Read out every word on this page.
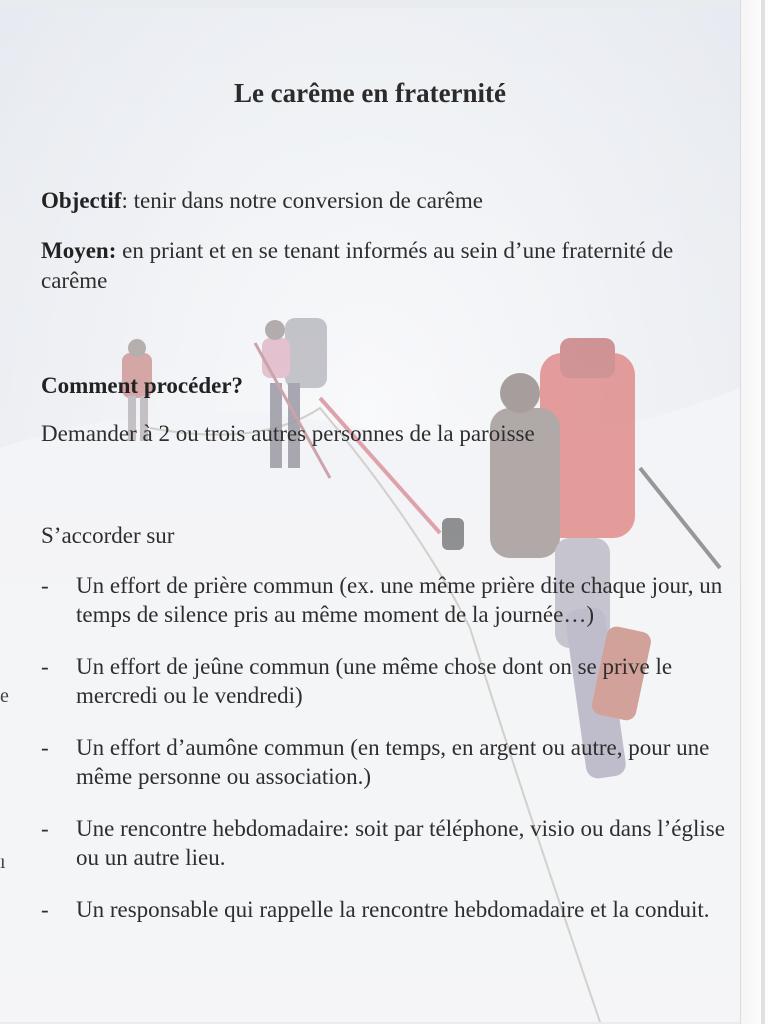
Le carême en fraternité
Objectif: tenir dans notre conversion de carême
Moyen: en priant et en se tenant informés au sein d’une fraternité de carême
Comment procéder?
Demander à 2 ou trois autres personnes de la paroisse
S’accorder sur
- Un effort de prière commun (ex. une même prière dite chaque jour, un temps de silence pris au même moment de la journée…)
- Un effort de jeûne commun (une même chose dont on se prive le mercredi ou le vendredi)
- Un effort d’aumône commun (en temps, en argent ou autre, pour une même personne ou association.)
- Une rencontre hebdomadaire: soit par téléphone, visio ou dans l’église ou un autre lieu.
- Un responsable qui rappelle la rencontre hebdomadaire et la conduit.
e
ı
